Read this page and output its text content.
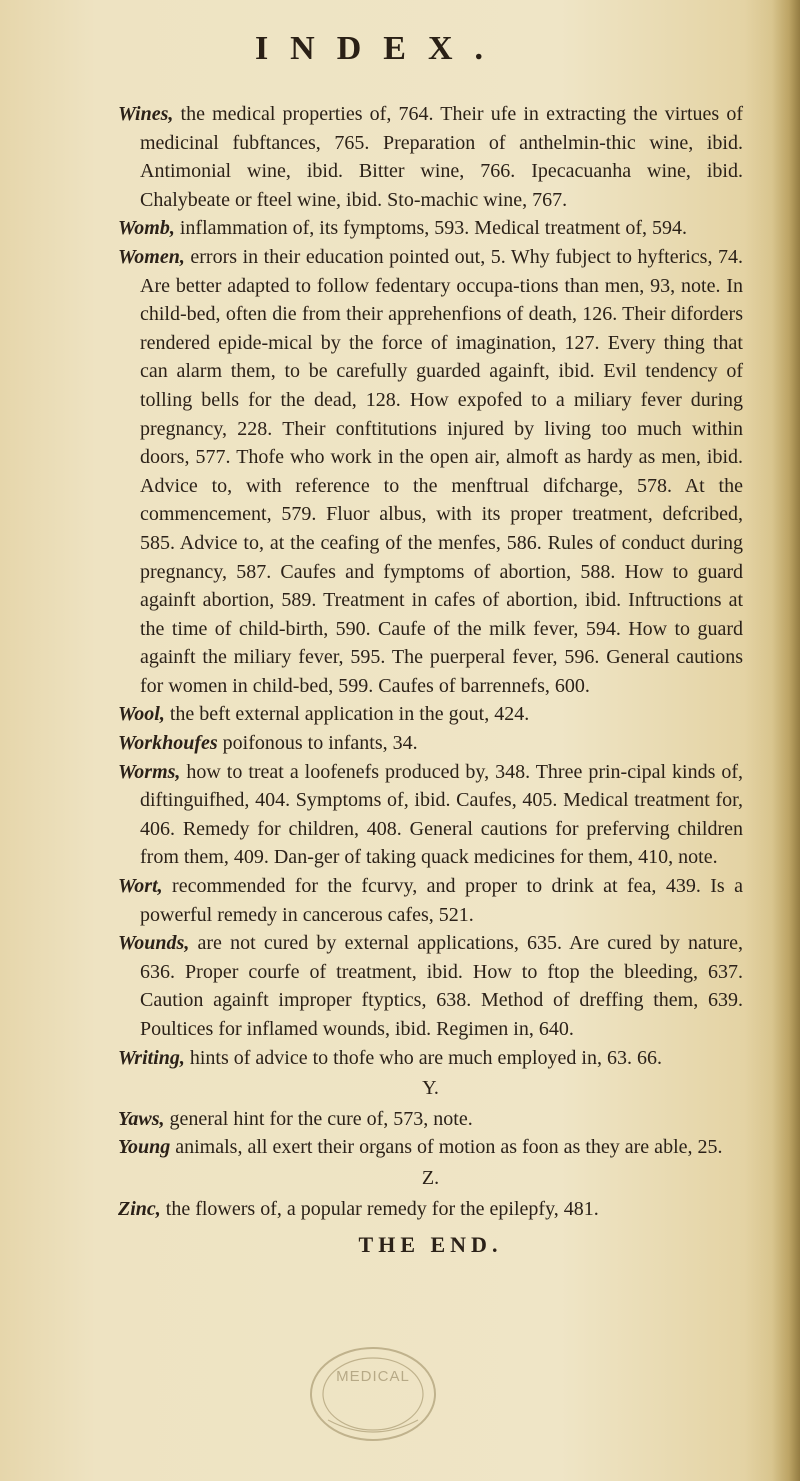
INDEX.

Wines, the medical properties of, 764. Their ufe in extracting the virtues of medicinal fubftances, 765. Preparation of anthelmin-thic wine, ibid. Antimonial wine, ibid. Bitter wine, 766. Ipecacuanha wine, ibid. Chalybeate or fteel wine, ibid. Sto-machic wine, 767.

Womb, inflammation of, its fymptoms, 593. Medical treatment of, 594.

Women, errors in their education pointed out, 5. Why fubject to hyfterics, 74. Are better adapted to follow fedentary occupa-tions than men, 93, note. In child-bed, often die from their apprehenfions of death, 126. Their diforders rendered epide-mical by the force of imagination, 127. Every thing that can alarm them, to be carefully guarded againft, ibid. Evil tendency of tolling bells for the dead, 128. How expofed to a miliary fever during pregnancy, 228. Their conftitutions injured by living too much within doors, 577. Thofe who work in the open air, almoft as hardy as men, ibid. Advice to, with reference to the menftrual difcharge, 578. At the commencement, 579. Fluor albus, with its proper treatment, defcribed, 585. Advice to, at the ceafing of the menfes, 586. Rules of conduct during pregnancy, 587. Caufes and fymptoms of abortion, 588. How to guard againft abortion, 589. Treatment in cafes of abortion, ibid. Inftructions at the time of child-birth, 590. Caufe of the milk fever, 594. How to guard againft the miliary fever, 595. The puerperal fever, 596. General cautions for women in child-bed, 599. Caufes of barrennefs, 600.

Wool, the beft external application in the gout, 424.

Workhoufes poifonous to infants, 34.

Worms, how to treat a loofenefs produced by, 348. Three prin-cipal kinds of, diftinguifhed, 404. Symptoms of, ibid. Caufes, 405. Medical treatment for, 406. Remedy for children, 408. General cautions for preferving children from them, 409. Dan-ger of taking quack medicines for them, 410, note.

Wort, recommended for the fcurvy, and proper to drink at fea, 439. Is a powerful remedy in cancerous cafes, 521.

Wounds, are not cured by external applications, 635. Are cured by nature, 636. Proper courfe of treatment, ibid. How to ftop the bleeding, 637. Caution againft improper ftyptics, 638. Method of dreffing them, 639. Poultices for inflamed wounds, ibid. Regimen in, 640.

Writing, hints of advice to thofe who are much employed in, 63. 66.

Y.

Yaws, general hint for the cure of, 573, note.

Young animals, all exert their organs of motion as foon as they are able, 25.

Z.

Zinc, the flowers of, a popular remedy for the epilepfy, 481.

THE END.
MEDICAL
